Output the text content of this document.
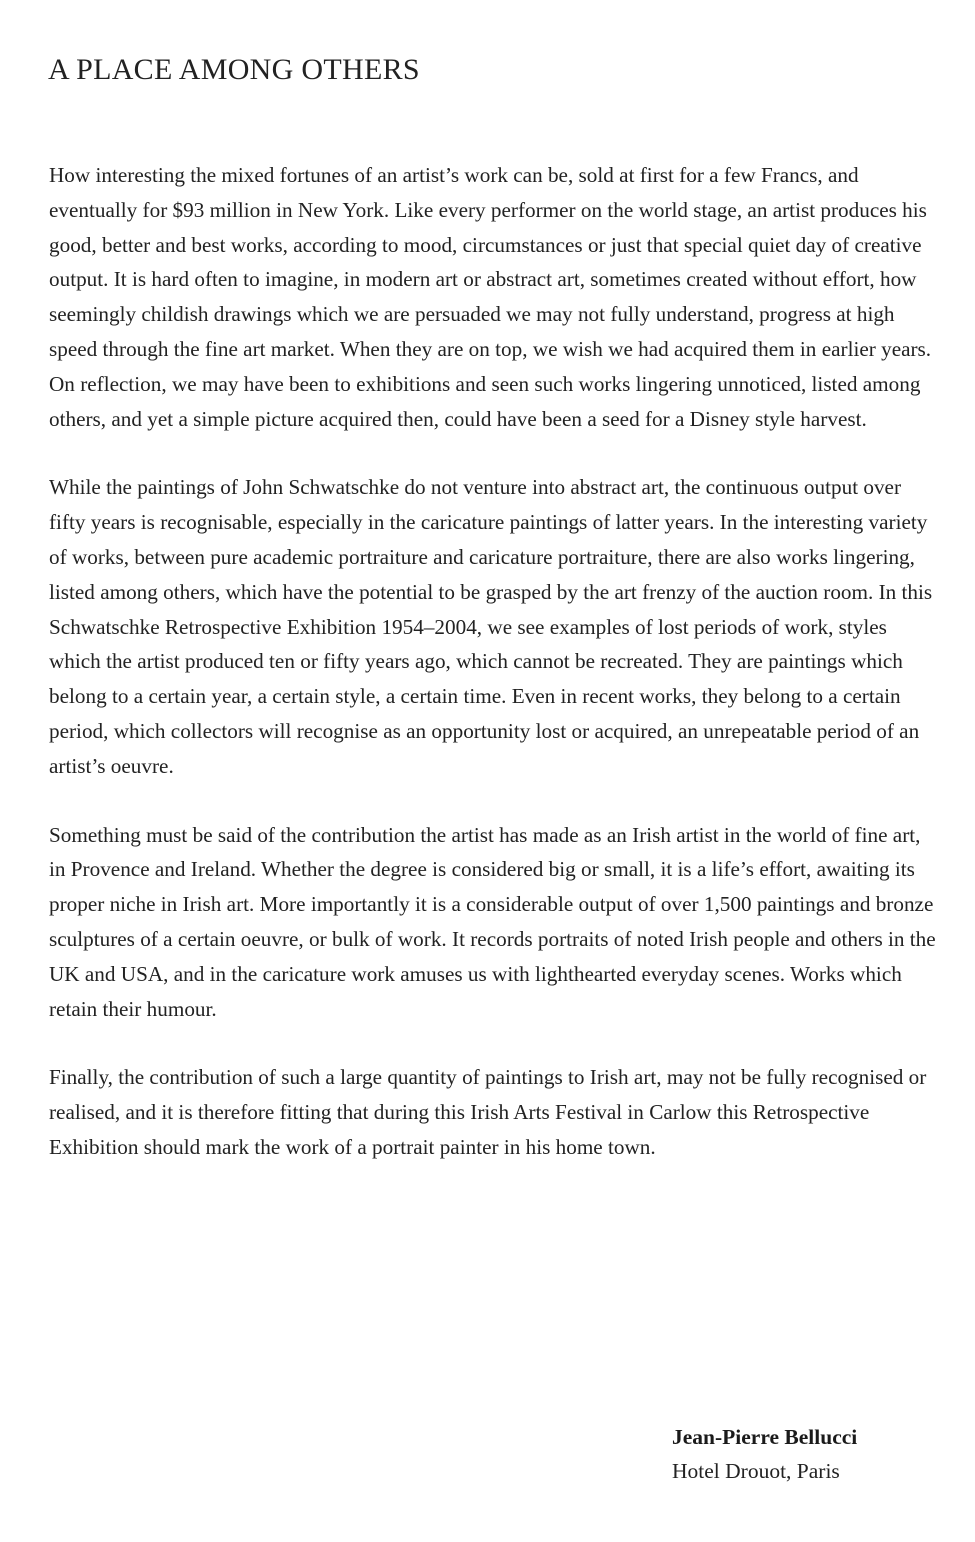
A PLACE AMONG OTHERS

How interesting the mixed fortunes of an artist’s work can be, sold at first for a few Francs, and eventually for $93 million in New York. Like every performer on the world stage, an artist produces his good, better and best works, according to mood, circumstances or just that special quiet day of creative output. It is hard often to imagine, in modern art or abstract art, sometimes created without effort, how seemingly childish drawings which we are persuaded we may not fully understand, progress at high speed through the fine art market. When they are on top, we wish we had acquired them in earlier years. On reflection, we may have been to exhibitions and seen such works lingering unnoticed, listed among others, and yet a simple picture acquired then, could have been a seed for a Disney style harvest.

While the paintings of John Schwatschke do not venture into abstract art, the continuous output over fifty years is recognisable, especially in the caricature paintings of latter years. In the interesting variety of works, between pure academic portraiture and caricature portraiture, there are also works lingering, listed among others, which have the potential to be grasped by the art frenzy of the auction room. In this Schwatschke Retrospective Exhibition 1954–2004, we see examples of lost periods of work, styles which the artist produced ten or fifty years ago, which cannot be recreated. They are paintings which belong to a certain year, a certain style, a certain time. Even in recent works, they belong to a certain period, which collectors will recognise as an opportunity lost or acquired, an unrepeatable period of an artist’s oeuvre.

Something must be said of the contribution the artist has made as an Irish artist in the world of fine art, in Provence and Ireland. Whether the degree is considered big or small, it is a life’s effort, awaiting its proper niche in Irish art. More importantly it is a considerable output of over 1,500 paintings and bronze sculptures of a certain oeuvre, or bulk of work. It records portraits of noted Irish people and others in the UK and USA, and in the caricature work amuses us with lighthearted everyday scenes. Works which retain their humour.

Finally, the contribution of such a large quantity of paintings to Irish art, may not be fully recognised or realised, and it is therefore fitting that during this Irish Arts Festival in Carlow this Retrospective Exhibition should mark the work of a portrait painter in his home town.

Jean-Pierre Bellucci
Hotel Drouot, Paris
